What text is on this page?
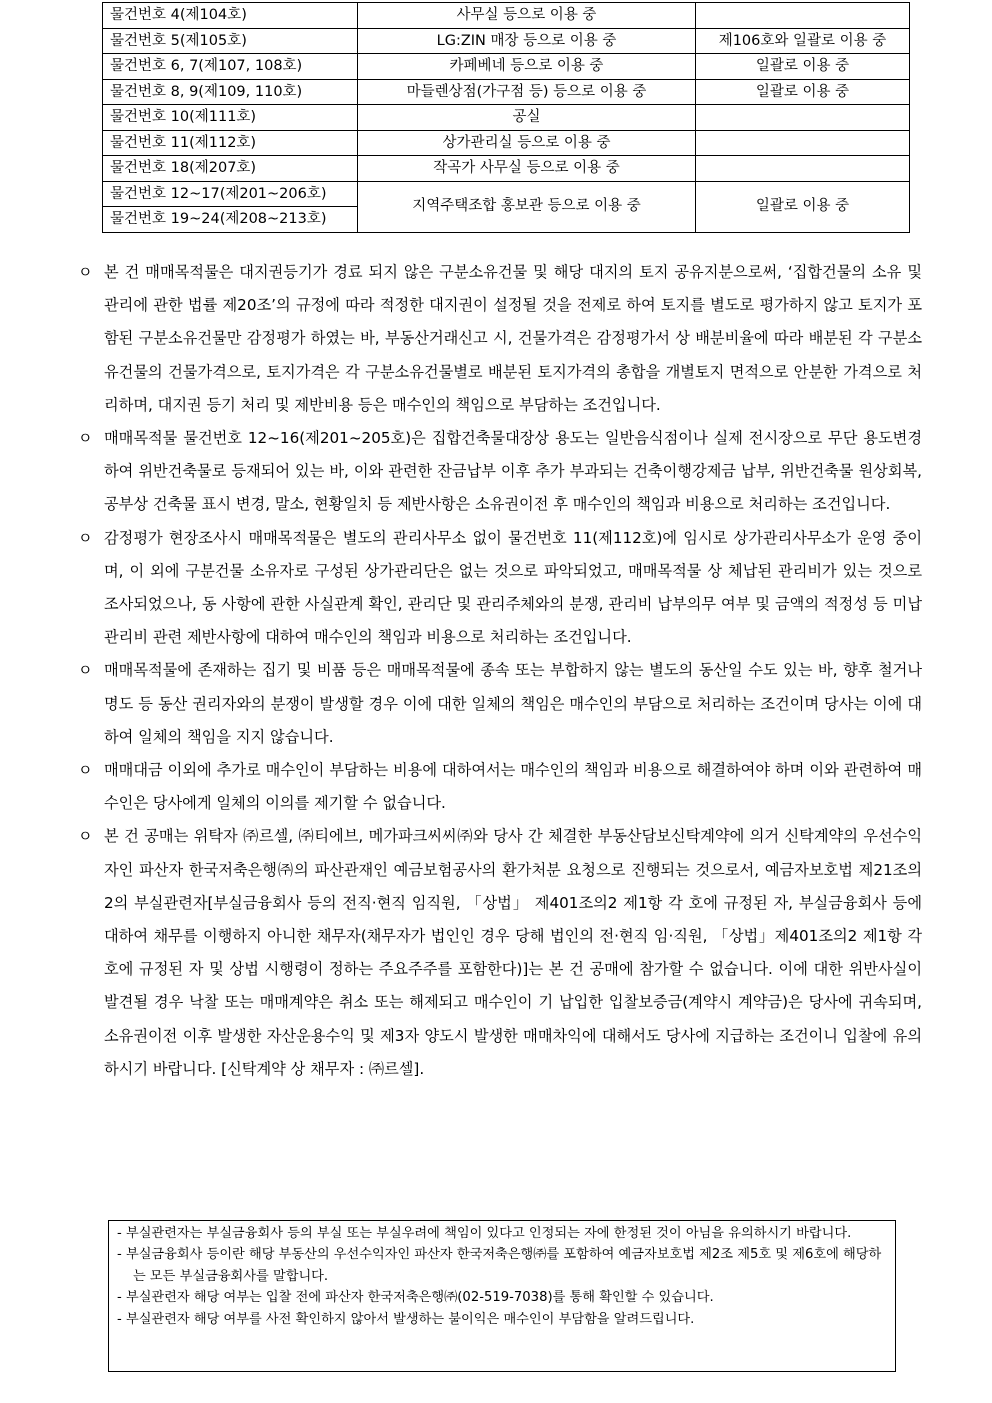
물건번호 4(제104호)	사무실 등으로 이용 중	
물건번호 5(제105호)	LG:ZIN 매장 등으로 이용 중	제106호와 일괄로 이용 중
물건번호 6, 7(제107, 108호)	카페베네 등으로 이용 중	일괄로 이용 중
물건번호 8, 9(제109, 110호)	마들렌상점(가구점 등) 등으로 이용 중	일괄로 이용 중
물건번호 10(제111호)	공실	
물건번호 11(제112호)	상가관리실 등으로 이용 중	
물건번호 18(제207호)	작곡가 사무실 등으로 이용 중	
물건번호 12~17(제201~206호)	지역주택조합 홍보관 등으로 이용 중	일괄로 이용 중
물건번호 19~24(제208~213호)		
ㅇ 본 건 매매목적물은 대지권등기가 경료 되지 않은 구분소유건물 및 해당 대지의 토지 공유지분으로써, ‘집합건물의 소유 및 관리에 관한 법률 제20조’의 규정에 따라 적정한 대지권이 설정될 것을 전제로 하여 토지를 별도로 평가하지 않고 토지가 포함된 구분소유건물만 감정평가 하였는 바, 부동산거래신고 시, 건물가격은 감정평가서 상 배분비율에 따라 배분된 각 구분소유건물의 건물가격으로, 토지가격은 각 구분소유건물별로 배분된 토지가격의 총합을 개별토지 면적으로 안분한 가격으로 처리하며, 대지권 등기 처리 및 제반비용 등은 매수인의 책임으로 부담하는 조건입니다.
ㅇ 매매목적물 물건번호 12~16(제201~205호)은 집합건축물대장상 용도는 일반음식점이나 실제 전시장으로 무단 용도변경하여 위반건축물로 등재되어 있는 바, 이와 관련한 잔금납부 이후 추가 부과되는 건축이행강제금 납부, 위반건축물 원상회복, 공부상 건축물 표시 변경, 말소, 현황일치 등 제반사항은 소유권이전 후 매수인의 책임과 비용으로 처리하는 조건입니다.
ㅇ 감정평가 현장조사시 매매목적물은 별도의 관리사무소 없이 물건번호 11(제112호)에 임시로 상가관리사무소가 운영 중이며, 이 외에 구분건물 소유자로 구성된 상가관리단은 없는 것으로 파악되었고, 매매목적물 상 체납된 관리비가 있는 것으로 조사되었으나, 동 사항에 관한 사실관계 확인, 관리단 및 관리주체와의 분쟁, 관리비 납부의무 여부 및 금액의 적정성 등 미납관리비 관련 제반사항에 대하여 매수인의 책임과 비용으로 처리하는 조건입니다.
ㅇ 매매목적물에 존재하는 집기 및 비품 등은 매매목적물에 종속 또는 부합하지 않는 별도의 동산일 수도 있는 바, 향후 철거나 명도 등 동산 권리자와의 분쟁이 발생할 경우 이에 대한 일체의 책임은 매수인의 부담으로 처리하는 조건이며 당사는 이에 대하여 일체의 책임을 지지 않습니다.
ㅇ 매매대금 이외에 추가로 매수인이 부담하는 비용에 대하여서는 매수인의 책임과 비용으로 해결하여야 하며 이와 관련하여 매수인은 당사에게 일체의 이의를 제기할 수 없습니다.
ㅇ 본 건 공매는 위탁자 ㈜르셀, ㈜티에브, 메가파크씨씨㈜와 당사 간 체결한 부동산담보신탁계약에 의거 신탁계약의 우선수익자인 파산자 한국저축은행㈜의 파산관재인 예금보험공사의 환가처분 요청으로 진행되는 것으로서, 예금자보호법 제21조의 2의 부실관련자[부실금융회사 등의 전직·현직 임직원, 「상법」 제401조의2 제1항 각 호에 규정된 자, 부실금융회사 등에 대하여 채무를 이행하지 아니한 채무자(채무자가 법인인 경우 당해 법인의 전·현직 임·직원, 「상법」제401조의2 제1항 각 호에 규정된 자 및 상법 시행령이 정하는 주요주주를 포함한다)]는 본 건 공매에 참가할 수 없습니다. 이에 대한 위반사실이 발견될 경우 낙찰 또는 매매계약은 취소 또는 해제되고 매수인이 기 납입한 입찰보증금(계약시 계약금)은 당사에 귀속되며, 소유권이전 이후 발생한 자산운용수익 및 제3자 양도시 발생한 매매차익에 대해서도 당사에 지급하는 조건이니 입찰에 유의하시기 바랍니다. [신탁계약 상 채무자 : ㈜르셀].

- 부실관련자는 부실금융회사 등의 부실 또는 부실우려에 책임이 있다고 인정되는 자에 한정된 것이 아님을 유의하시기 바랍니다.

- 부실금융회사 등이란 해당 부동산의 우선수익자인 파산자 한국저축은행㈜를 포함하여 예금자보호법 제2조 제5호 및 제6호에 해당하는 모든 부실금융회사를 말합니다.

- 부실관련자 해당 여부는 입찰 전에 파산자 한국저축은행㈜(02-519-7038)를 통해 확인할 수 있습니다.

- 부실관련자 해당 여부를 사전 확인하지 않아서 발생하는 불이익은 매수인이 부담함을 알려드립니다.
